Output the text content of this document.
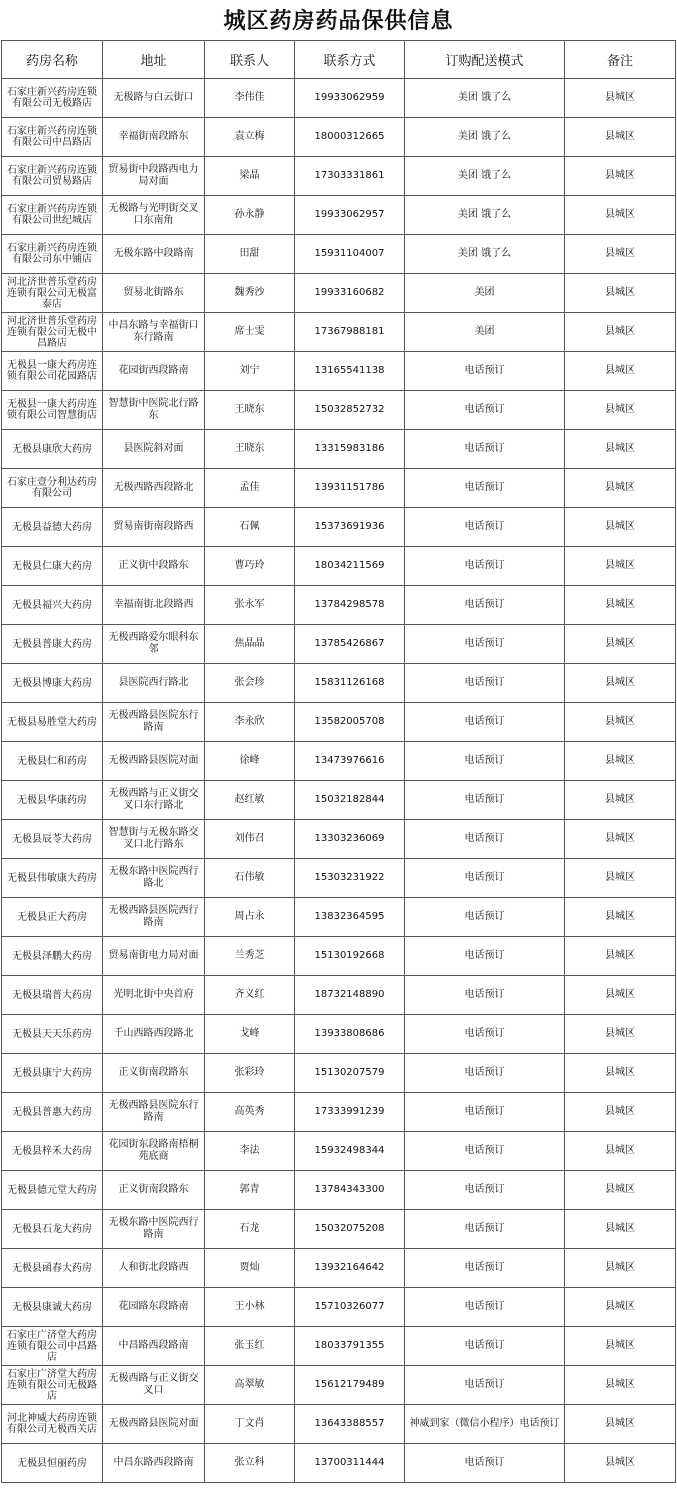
城区药房药品保供信息
药房名称	地址	联系人	联系方式	订购配送模式	备注
石家庄新兴药房连锁有限公司无极路店	无极路与白云街口	李伟佳	19933062959	美团 饿了么	县城区
石家庄新兴药房连锁有限公司中昌路店	幸福街南段路东	袁立梅	18000312665	美团 饿了么	县城区
石家庄新兴药房连锁有限公司贸易路店	贸易街中段路西电力局对面	梁晶	17303331861	美团 饿了么	县城区
石家庄新兴药房连锁有限公司世纪城店	无极路与光明街交叉口东南角	孙永静	19933062957	美团 饿了么	县城区
石家庄新兴药房连锁有限公司东中铺店	无极东路中段路南	田甜	15931104007	美团 饿了么	县城区
河北济世普乐堂药房连锁有限公司无极富泰店	贸易北街路东	魏秀沙	19933160682	美团	县城区
河北济世普乐堂药房连锁有限公司无极中昌路店	中昌东路与幸福街口东行路南	席士雯	17367988181	美团	县城区
无极县一康大药房连锁有限公司花园路店	花园街西段路南	刘宁	13165541138	电话预订	县城区
无极县一康大药房连锁有限公司智慧街店	智慧街中医院北行路东	王晓东	15032852732	电话预订	县城区
无极县康欣大药房	县医院斜对面	王晓东	13315983186	电话预订	县城区
石家庄壹分利达药房有限公司	无极西路西段路北	孟佳	13931151786	电话预订	县城区
无极县益德大药房	贸易南街南段路西	石佩	15373691936	电话预订	县城区
无极县仁康大药房	正义街中段路东	曹巧玲	18034211569	电话预订	县城区
无极县福兴大药房	幸福南街北段路西	张永军	13784298578	电话预订	县城区
无极县普康大药房	无极西路爱尔眼科东邻	焦晶晶	13785426867	电话预订	县城区
无极县博康大药房	县医院西行路北	张会珍	15831126168	电话预订	县城区
无极县易胜堂大药房	无极西路县医院东行路南	李永欣	13582005708	电话预订	县城区
无极县仁和药房	无极西路县医院对面	徐峰	13473976616	电话预订	县城区
无极县华康药房	无极西路与正义街交叉口东行路北	赵红敏	15032182844	电话预订	县城区
无极县辰苓大药房	智慧街与无极东路交叉口北行路东	刘伟召	13303236069	电话预订	县城区
无极县伟敏康大药房	无极东路中医院西行路北	石伟敏	15303231922	电话预订	县城区
无极县正大药房	无极西路县医院西行路南	周占永	13832364595	电话预订	县城区
无极县泽鹏大药房	贸易南街电力局对面	兰秀芝	15130192668	电话预订	县城区
无极县瑞普大药房	光明北街中央首府	齐义红	18732148890	电话预订	县城区
无极县天天乐药房	千山西路西段路北	戈峰	13933808686	电话预订	县城区
无极县康宁大药房	正义街南段路东	张彩玲	15130207579	电话预订	县城区
无极县普惠大药房	无极西路县医院东行路南	高英秀	17333991239	电话预订	县城区
无极县梓禾大药房	花园街东段路南梧桐苑底商	李法	15932498344	电话预订	县城区
无极县德元堂大药房	正义街南段路东	郭青	13784343300	电话预订	县城区
无极县石龙大药房	无极东路中医院西行路南	石龙	15032075208	电话预订	县城区
无极县函春大药房	人和街北段路西	贾灿	13932164642	电话预订	县城区
无极县康诚大药房	花园路东段路南	王小林	15710326077	电话预订	县城区
石家庄广济堂大药房连锁有限公司中昌路店	中昌路西段路南	张玉红	18033791355	电话预订	县城区
石家庄广济堂大药房连锁有限公司无极路店	无极西路与正义街交叉口	高翠敏	15612179489	电话预订	县城区
河北神威大药房连锁有限公司无极西关店	无极西路县医院对面	丁文肖	13643388557	神威到家（微信小程序）电话预订	县城区
无极县恒丽药房	中昌东路西段路南	张立科	13700311444	电话预订	县城区
